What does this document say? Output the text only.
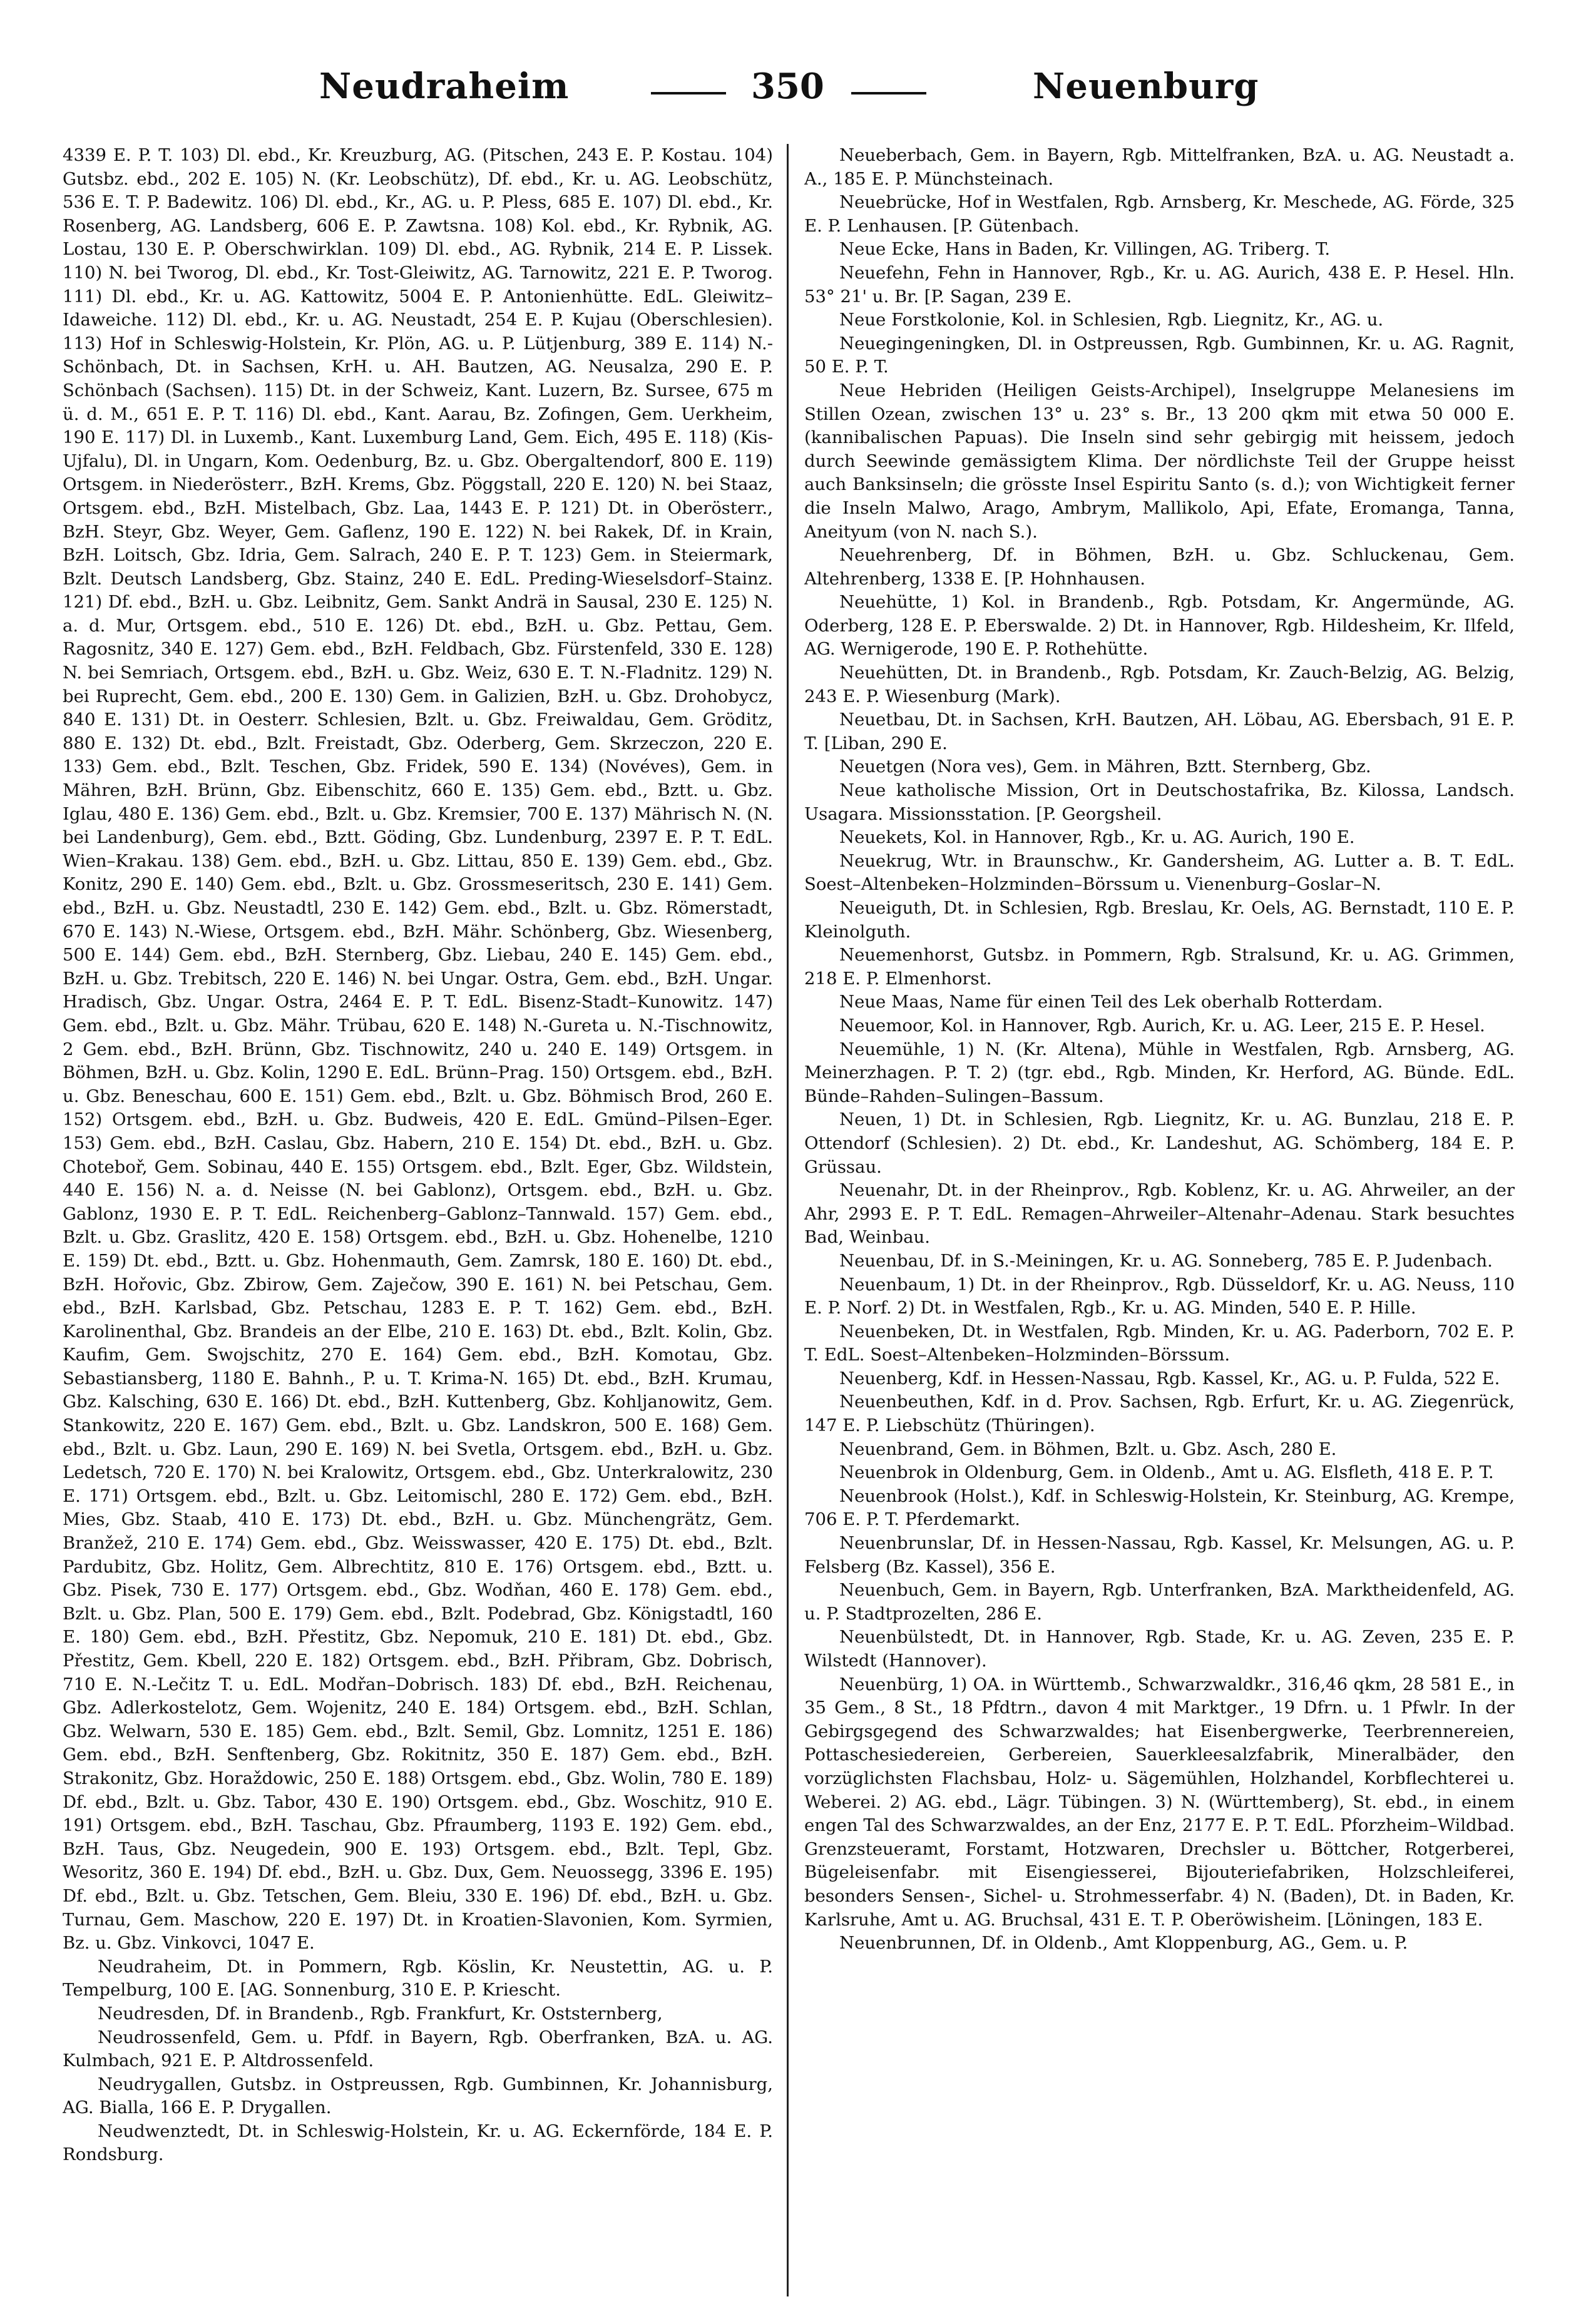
Neudraheim	350	Neuenburg

4339 E. P. T. 103) Dl. ebd., Kr. Kreuzburg, AG. (Pitschen, 243 E. P. Kostau. 104) Gutsbz. ebd., 202 E. 105) N. (Kr. Leobschütz), Df. ebd., Kr. u. AG. Leobschütz, 536 E. T. P. Badewitz. 106) Dl. ebd., Kr., AG. u. P. Pless, 685 E. 107) Dl. ebd., Kr. Rosenberg, AG. Landsberg, 606 E. P. Zawtsna. 108) Kol. ebd., Kr. Rybnik, AG. Lostau, 130 E. P. Oberschwirklan. 109) Dl. ebd., AG. Rybnik, 214 E. P. Lissek. 110) N. bei Tworog, Dl. ebd., Kr. Tost-Gleiwitz, AG. Tarnowitz, 221 E. P. Tworog. 111) Dl. ebd., Kr. u. AG. Kattowitz, 5004 E. P. Antonienhütte. EdL. Gleiwitz–Idaweiche. 112) Dl. ebd., Kr. u. AG. Neustadt, 254 E. P. Kujau (Oberschlesien). 113) Hof in Schleswig-Holstein, Kr. Plön, AG. u. P. Lütjenburg, 389 E. 114) N.-Schönbach, Dt. in Sachsen, KrH. u. AH. Bautzen, AG. Neusalza, 290 E. P. Schönbach (Sachsen). 115) Dt. in der Schweiz, Kant. Luzern, Bz. Sursee, 675 m ü. d. M., 651 E. P. T. 116) Dl. ebd., Kant. Aarau, Bz. Zofingen, Gem. Uerkheim, 190 E. 117) Dl. in Luxemb., Kant. Luxemburg Land, Gem. Eich, 495 E. 118) (Kis-Ujfalu), Dl. in Ungarn, Kom. Oedenburg, Bz. u. Gbz. Obergaltendorf, 800 E. 119) Ortsgem. in Niederösterr., BzH. Krems, Gbz. Pöggstall, 220 E. 120) N. bei Staaz, Ortsgem. ebd., BzH. Mistelbach, Gbz. Laa, 1443 E. P. 121) Dt. in Oberösterr., BzH. Steyr, Gbz. Weyer, Gem. Gaflenz, 190 E. 122) N. bei Rakek, Df. in Krain, BzH. Loitsch, Gbz. Idria, Gem. Salrach, 240 E. P. T. 123) Gem. in Steiermark, Bzlt. Deutsch Landsberg, Gbz. Stainz, 240 E. EdL. Preding-Wieselsdorf–Stainz. 121) Df. ebd., BzH. u. Gbz. Leibnitz, Gem. Sankt Andrä in Sausal, 230 E. 125) N. a. d. Mur, Ortsgem. ebd., 510 E. 126) Dt. ebd., BzH. u. Gbz. Pettau, Gem. Ragosnitz, 340 E. 127) Gem. ebd., BzH. Feldbach, Gbz. Fürstenfeld, 330 E. 128) N. bei Semriach, Ortsgem. ebd., BzH. u. Gbz. Weiz, 630 E. T. N.-Fladnitz. 129) N. bei Ruprecht, Gem. ebd., 200 E. 130) Gem. in Galizien, BzH. u. Gbz. Drohobycz, 840 E. 131) Dt. in Oesterr. Schlesien, Bzlt. u. Gbz. Freiwaldau, Gem. Gröditz, 880 E. 132) Dt. ebd., Bzlt. Freistadt, Gbz. Oderberg, Gem. Skrzeczon, 220 E. 133) Gem. ebd., Bzlt. Teschen, Gbz. Fridek, 590 E. 134) (Novéves), Gem. in Mähren, BzH. Brünn, Gbz. Eibenschitz, 660 E. 135) Gem. ebd., Bztt. u. Gbz. Iglau, 480 E. 136) Gem. ebd., Bzlt. u. Gbz. Kremsier, 700 E. 137) Mährisch N. (N. bei Landenburg), Gem. ebd., Bztt. Göding, Gbz. Lundenburg, 2397 E. P. T. EdL. Wien–Krakau. 138) Gem. ebd., BzH. u. Gbz. Littau, 850 E. 139) Gem. ebd., Gbz. Konitz, 290 E. 140) Gem. ebd., Bzlt. u. Gbz. Grossmeseritsch, 230 E. 141) Gem. ebd., BzH. u. Gbz. Neustadtl, 230 E. 142) Gem. ebd., Bzlt. u. Gbz. Römerstadt, 670 E. 143) N.-Wiese, Ortsgem. ebd., BzH. Mähr. Schönberg, Gbz. Wiesenberg, 500 E. 144) Gem. ebd., BzH. Sternberg, Gbz. Liebau, 240 E. 145) Gem. ebd., BzH. u. Gbz. Trebitsch, 220 E. 146) N. bei Ungar. Ostra, Gem. ebd., BzH. Ungar. Hradisch, Gbz. Ungar. Ostra, 2464 E. P. T. EdL. Bisenz-Stadt–Kunowitz. 147) Gem. ebd., Bzlt. u. Gbz. Mähr. Trübau, 620 E. 148) N.-Gureta u. N.-Tischnowitz, 2 Gem. ebd., BzH. Brünn, Gbz. Tischnowitz, 240 u. 240 E. 149) Ortsgem. in Böhmen, BzH. u. Gbz. Kolin, 1290 E. EdL. Brünn–Prag. 150) Ortsgem. ebd., BzH. u. Gbz. Beneschau, 600 E. 151) Gem. ebd., Bzlt. u. Gbz. Böhmisch Brod, 260 E. 152) Ortsgem. ebd., BzH. u. Gbz. Budweis, 420 E. EdL. Gmünd–Pilsen–Eger. 153) Gem. ebd., BzH. Caslau, Gbz. Habern, 210 E. 154) Dt. ebd., BzH. u. Gbz. Choteboř, Gem. Sobinau, 440 E. 155) Ortsgem. ebd., Bzlt. Eger, Gbz. Wildstein, 440 E. 156) N. a. d. Neisse (N. bei Gablonz), Ortsgem. ebd., BzH. u. Gbz. Gablonz, 1930 E. P. T. EdL. Reichenberg–Gablonz–Tannwald. 157) Gem. ebd., Bzlt. u. Gbz. Graslitz, 420 E. 158) Ortsgem. ebd., BzH. u. Gbz. Hohenelbe, 1210 E. 159) Dt. ebd., Bztt. u. Gbz. Hohenmauth, Gem. Zamrsk, 180 E. 160) Dt. ebd., BzH. Hořovic, Gbz. Zbirow, Gem. Zaječow, 390 E. 161) N. bei Petschau, Gem. ebd., BzH. Karlsbad, Gbz. Petschau, 1283 E. P. T. 162) Gem. ebd., BzH. Karolinenthal, Gbz. Brandeis an der Elbe, 210 E. 163) Dt. ebd., Bzlt. Kolin, Gbz. Kaufim, Gem. Swojschitz, 270 E. 164) Gem. ebd., BzH. Komotau, Gbz. Sebastiansberg, 1180 E. Bahnh., P. u. T. Krima-N. 165) Dt. ebd., BzH. Krumau, Gbz. Kalsching, 630 E. 166) Dt. ebd., BzH. Kuttenberg, Gbz. Kohljanowitz, Gem. Stankowitz, 220 E. 167) Gem. ebd., Bzlt. u. Gbz. Landskron, 500 E. 168) Gem. ebd., Bzlt. u. Gbz. Laun, 290 E. 169) N. bei Svetla, Ortsgem. ebd., BzH. u. Gbz. Ledetsch, 720 E. 170) N. bei Kralowitz, Ortsgem. ebd., Gbz. Unterkralowitz, 230 E. 171) Ortsgem. ebd., Bzlt. u. Gbz. Leitomischl, 280 E. 172) Gem. ebd., BzH. Mies, Gbz. Staab, 410 E. 173) Dt. ebd., BzH. u. Gbz. Münchengrätz, Gem. Branžež, 210 E. 174) Gem. ebd., Gbz. Weisswasser, 420 E. 175) Dt. ebd., Bzlt. Pardubitz, Gbz. Holitz, Gem. Albrechtitz, 810 E. 176) Ortsgem. ebd., Bztt. u. Gbz. Pisek, 730 E. 177) Ortsgem. ebd., Gbz. Wodňan, 460 E. 178) Gem. ebd., Bzlt. u. Gbz. Plan, 500 E. 179) Gem. ebd., Bzlt. Podebrad, Gbz. Königstadtl, 160 E. 180) Gem. ebd., BzH. Přestitz, Gbz. Nepomuk, 210 E. 181) Dt. ebd., Gbz. Přestitz, Gem. Kbell, 220 E. 182) Ortsgem. ebd., BzH. Přibram, Gbz. Dobrisch, 710 E. N.-Lečitz T. u. EdL. Modřan–Dobrisch. 183) Df. ebd., BzH. Reichenau, Gbz. Adlerkostelotz, Gem. Wojenitz, 240 E. 184) Ortsgem. ebd., BzH. Schlan, Gbz. Welwarn, 530 E. 185) Gem. ebd., Bzlt. Semil, Gbz. Lomnitz, 1251 E. 186) Gem. ebd., BzH. Senftenberg, Gbz. Rokitnitz, 350 E. 187) Gem. ebd., BzH. Strakonitz, Gbz. Horaždowic, 250 E. 188) Ortsgem. ebd., Gbz. Wolin, 780 E. 189) Df. ebd., Bzlt. u. Gbz. Tabor, 430 E. 190) Ortsgem. ebd., Gbz. Woschitz, 910 E. 191) Ortsgem. ebd., BzH. Taschau, Gbz. Pfraumberg, 1193 E. 192) Gem. ebd., BzH. Taus, Gbz. Neugedein, 900 E. 193) Ortsgem. ebd., Bzlt. Tepl, Gbz. Wesoritz, 360 E. 194) Df. ebd., BzH. u. Gbz. Dux, Gem. Neuossegg, 3396 E. 195) Df. ebd., Bzlt. u. Gbz. Tetschen, Gem. Bleiu, 330 E. 196) Df. ebd., BzH. u. Gbz. Turnau, Gem. Maschow, 220 E. 197) Dt. in Kroatien-Slavonien, Kom. Syrmien, Bz. u. Gbz. Vinkovci, 1047 E.

Neudraheim, Dt. in Pommern, Rgb. Köslin, Kr. Neustettin, AG. u. P. Tempelburg, 100 E. [AG. Sonnenburg, 310 E. P. Kriescht.

Neudresden, Df. in Brandenb., Rgb. Frankfurt, Kr. Oststernberg,

Neudrossenfeld, Gem. u. Pfdf. in Bayern, Rgb. Oberfranken, BzA. u. AG. Kulmbach, 921 E. P. Altdrossenfeld.

Neudrygallen, Gutsbz. in Ostpreussen, Rgb. Gumbinnen, Kr. Johannisburg, AG. Bialla, 166 E. P. Drygallen.

Neudwenztedt, Dt. in Schleswig-Holstein, Kr. u. AG. Eckernförde, 184 E. P. Rondsburg.

Neueberbach, Gem. in Bayern, Rgb. Mittelfranken, BzA. u. AG. Neustadt a. A., 185 E. P. Münchsteinach.

Neuebrücke, Hof in Westfalen, Rgb. Arnsberg, Kr. Meschede, AG. Förde, 325 E. P. Lenhausen. [P. Gütenbach.

Neue Ecke, Hans in Baden, Kr. Villingen, AG. Triberg. T.

Neuefehn, Fehn in Hannover, Rgb., Kr. u. AG. Aurich, 438 E. P. Hesel. Hln. 53° 21' u. Br. [P. Sagan, 239 E.

Neue Forstkolonie, Kol. in Schlesien, Rgb. Liegnitz, Kr., AG. u.

Neuegingeningken, Dl. in Ostpreussen, Rgb. Gumbinnen, Kr. u. AG. Ragnit, 50 E. P. T.

Neue Hebriden (Heiligen Geists-Archipel), Inselgruppe Melanesiens im Stillen Ozean, zwischen 13° u. 23° s. Br., 13 200 qkm mit etwa 50 000 E. (kannibalischen Papuas). Die Inseln sind sehr gebirgig mit heissem, jedoch durch Seewinde gemässigtem Klima. Der nördlichste Teil der Gruppe heisst auch Banksinseln; die grösste Insel Espiritu Santo (s. d.); von Wichtigkeit ferner die Inseln Malwo, Arago, Ambrym, Mallikolo, Api, Efate, Eromanga, Tanna, Aneityum (von N. nach S.).

Neuehrenberg, Df. in Böhmen, BzH. u. Gbz. Schluckenau, Gem. Altehrenberg, 1338 E. [P. Hohnhausen.

Neuehütte, 1) Kol. in Brandenb., Rgb. Potsdam, Kr. Angermünde, AG. Oderberg, 128 E. P. Eberswalde. 2) Dt. in Hannover, Rgb. Hildesheim, Kr. Ilfeld, AG. Wernigerode, 190 E. P. Rothehütte.

Neuehütten, Dt. in Brandenb., Rgb. Potsdam, Kr. Zauch-Belzig, AG. Belzig, 243 E. P. Wiesenburg (Mark).

Neuetbau, Dt. in Sachsen, KrH. Bautzen, AH. Löbau, AG. Ebersbach, 91 E. P. T. [Liban, 290 E.

Neuetgen (Nora ves), Gem. in Mähren, Bztt. Sternberg, Gbz.

Neue katholische Mission, Ort in Deutschostafrika, Bz. Kilossa, Landsch. Usagara. Missionsstation. [P. Georgsheil.

Neuekets, Kol. in Hannover, Rgb., Kr. u. AG. Aurich, 190 E.

Neuekrug, Wtr. in Braunschw., Kr. Gandersheim, AG. Lutter a. B. T. EdL. Soest–Altenbeken–Holzminden–Börssum u. Vienenburg–Goslar–N.

Neueiguth, Dt. in Schlesien, Rgb. Breslau, Kr. Oels, AG. Bernstadt, 110 E. P. Kleinolguth.

Neuemenhorst, Gutsbz. in Pommern, Rgb. Stralsund, Kr. u. AG. Grimmen, 218 E. P. Elmenhorst.

Neue Maas, Name für einen Teil des Lek oberhalb Rotterdam.

Neuemoor, Kol. in Hannover, Rgb. Aurich, Kr. u. AG. Leer, 215 E. P. Hesel.

Neuemühle, 1) N. (Kr. Altena), Mühle in Westfalen, Rgb. Arnsberg, AG. Meinerzhagen. P. T. 2) (tgr. ebd., Rgb. Minden, Kr. Herford, AG. Bünde. EdL. Bünde–Rahden–Sulingen–Bassum.

Neuen, 1) Dt. in Schlesien, Rgb. Liegnitz, Kr. u. AG. Bunzlau, 218 E. P. Ottendorf (Schlesien). 2) Dt. ebd., Kr. Landeshut, AG. Schömberg, 184 E. P. Grüssau.

Neuenahr, Dt. in der Rheinprov., Rgb. Koblenz, Kr. u. AG. Ahrweiler, an der Ahr, 2993 E. P. T. EdL. Remagen–Ahrweiler–Altenahr–Adenau. Stark besuchtes Bad, Weinbau.

Neuenbau, Df. in S.-Meiningen, Kr. u. AG. Sonneberg, 785 E. P. Judenbach.

Neuenbaum, 1) Dt. in der Rheinprov., Rgb. Düsseldorf, Kr. u. AG. Neuss, 110 E. P. Norf. 2) Dt. in Westfalen, Rgb., Kr. u. AG. Minden, 540 E. P. Hille.

Neuenbeken, Dt. in Westfalen, Rgb. Minden, Kr. u. AG. Paderborn, 702 E. P. T. EdL. Soest–Altenbeken–Holzminden–Börssum.

Neuenberg, Kdf. in Hessen-Nassau, Rgb. Kassel, Kr., AG. u. P. Fulda, 522 E.

Neuenbeuthen, Kdf. in d. Prov. Sachsen, Rgb. Erfurt, Kr. u. AG. Ziegenrück, 147 E. P. Liebschütz (Thüringen).

Neuenbrand, Gem. in Böhmen, Bzlt. u. Gbz. Asch, 280 E.

Neuenbrok in Oldenburg, Gem. in Oldenb., Amt u. AG. Elsfleth, 418 E. P. T.

Neuenbrook (Holst.), Kdf. in Schleswig-Holstein, Kr. Steinburg, AG. Krempe, 706 E. P. T. Pferdemarkt.

Neuenbrunslar, Df. in Hessen-Nassau, Rgb. Kassel, Kr. Melsungen, AG. u. P. Felsberg (Bz. Kassel), 356 E.

Neuenbuch, Gem. in Bayern, Rgb. Unterfranken, BzA. Marktheidenfeld, AG. u. P. Stadtprozelten, 286 E.

Neuenbülstedt, Dt. in Hannover, Rgb. Stade, Kr. u. AG. Zeven, 235 E. P. Wilstedt (Hannover).

Neuenbürg, 1) OA. in Württemb., Schwarzwaldkr., 316,46 qkm, 28 581 E., in 35 Gem., 8 St., 18 Pfdtrn., davon 4 mit Marktger., 19 Dfrn. u. 1 Pfwlr. In der Gebirgsgegend des Schwarzwaldes; hat Eisenbergwerke, Teerbrennereien, Pottaschesiedereien, Gerbereien, Sauerkleesalzfabrik, Mineralbäder, den vorzüglichsten Flachsbau, Holz- u. Sägemühlen, Holzhandel, Korbflechterei u. Weberei. 2) AG. ebd., Lägr. Tübingen. 3) N. (Württemberg), St. ebd., in einem engen Tal des Schwarzwaldes, an der Enz, 2177 E. P. T. EdL. Pforzheim–Wildbad. Grenzsteueramt, Forstamt, Hotzwaren, Drechsler u. Böttcher, Rotgerberei, Bügeleisenfabr. mit Eisengiesserei, Bijouteriefabriken, Holzschleiferei, besonders Sensen-, Sichel- u. Strohmesserfabr. 4) N. (Baden), Dt. in Baden, Kr. Karlsruhe, Amt u. AG. Bruchsal, 431 E. T. P. Oberöwisheim. [Löningen, 183 E.

Neuenbrunnen, Df. in Oldenb., Amt Kloppenburg, AG., Gem. u. P.
